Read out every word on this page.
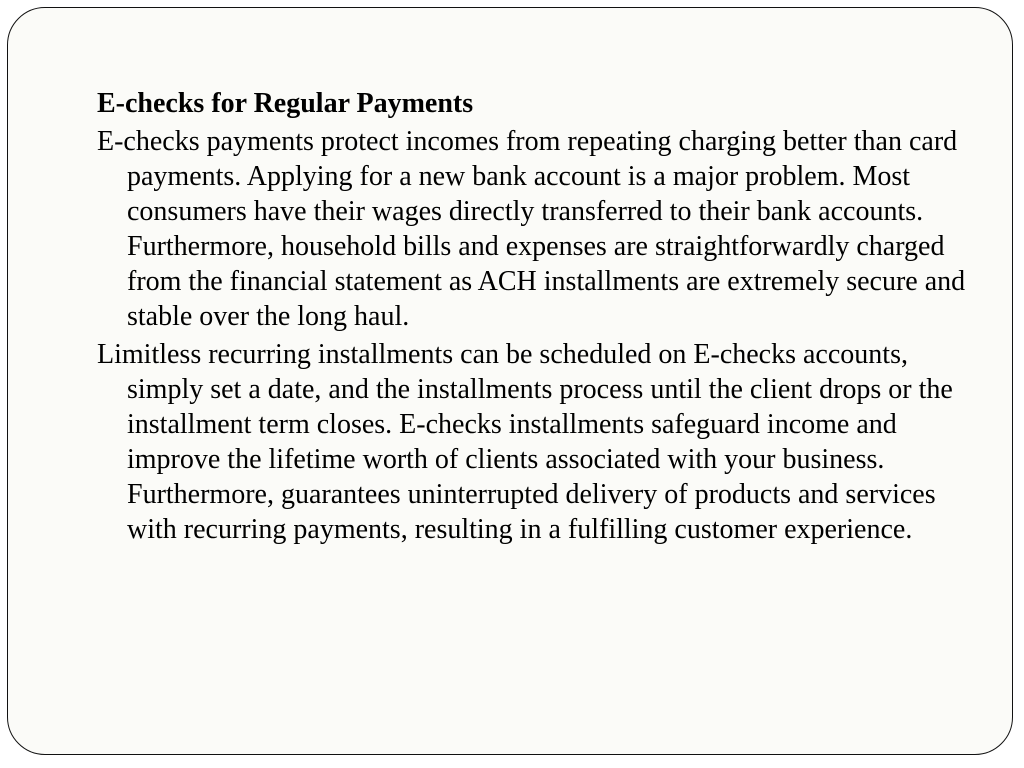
E-checks for Regular Payments

E-checks payments protect incomes from repeating charging better than card payments. Applying for a new bank account is a major problem. Most consumers have their wages directly transferred to their bank accounts. Furthermore, household bills and expenses are straightforwardly charged from the financial statement as ACH installments are extremely secure and stable over the long haul.

Limitless recurring installments can be scheduled on E-checks accounts, simply set a date, and the installments process until the client drops or the installment term closes. E-checks installments safeguard income and improve the lifetime worth of clients associated with your business. Furthermore, guarantees uninterrupted delivery of products and services with recurring payments, resulting in a fulfilling customer experience.
